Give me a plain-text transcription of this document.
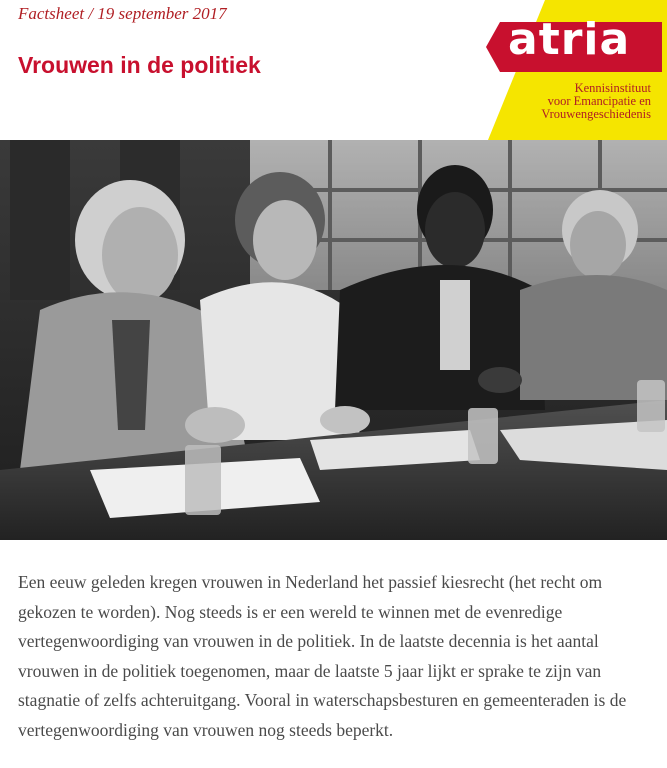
Factsheet / 19 september 2017
Vrouwen in de politiek	atria
Kennisinstituut
voor Emancipatie en
Vrouwengeschiedenis

Een eeuw geleden kregen vrouwen in Nederland het passief kiesrecht (het recht om gekozen te worden). Nog steeds is er een wereld te winnen met de evenredige vertegenwoordiging van vrouwen in de politiek. In de laatste decennia is het aantal vrouwen in de politiek toegenomen, maar de laatste 5 jaar lijkt er sprake te zijn van stagnatie of zelfs achteruitgang. Vooral in waterschapsbesturen en gemeenteraden is de vertegenwoordiging van vrouwen nog steeds beperkt.
